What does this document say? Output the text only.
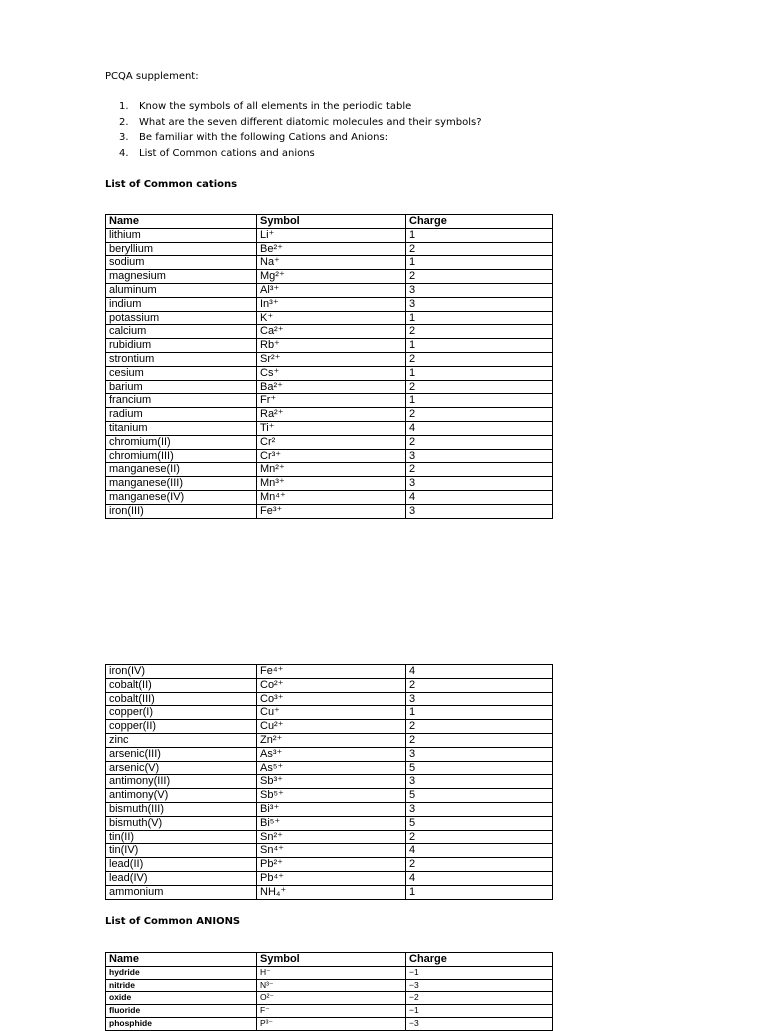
PCQA supplement:
1. Know the symbols of all elements in the periodic table
2. What are the seven different diatomic molecules and their symbols?
3. Be familiar with the following Cations and Anions:
4. List of Common cations and anions
List of Common cations
Name	Symbol	Charge
lithium	Li⁺	1
beryllium	Be²⁺	2
sodium	Na⁺	1
magnesium	Mg²⁺	2
aluminum	Al³⁺	3
indium	In³⁺	3
potassium	K⁺	1
calcium	Ca²⁺	2
rubidium	Rb⁺	1
strontium	Sr²⁺	2
cesium	Cs⁺	1
barium	Ba²⁺	2
francium	Fr⁺	1
radium	Ra²⁺	2
titanium	Ti⁺	4
chromium(II)	Cr²	2
chromium(III)	Cr³⁺	3
manganese(II)	Mn²⁺	2
manganese(III)	Mn³⁺	3
manganese(IV)	Mn⁴⁺	4
iron(III)	Fe³⁺	3
iron(IV)	Fe⁴⁺	4
cobalt(II)	Co²⁺	2
cobalt(III)	Co³⁺	3
copper(I)	Cu⁺	1
copper(II)	Cu²⁺	2
zinc	Zn²⁺	2
arsenic(III)	As³⁺	3
arsenic(V)	As⁵⁺	5
antimony(III)	Sb³⁺	3
antimony(V)	Sb⁵⁺	5
bismuth(III)	Bi³⁺	3
bismuth(V)	Bi⁵⁺	5
tin(II)	Sn²⁺	2
tin(IV)	Sn⁴⁺	4
lead(II)	Pb²⁺	2
lead(IV)	Pb⁴⁺	4
ammonium	NH₄⁺	1
List of Common ANIONS
Name	Symbol	Charge
hydride	H⁻	−1
nitride	N³⁻	−3
oxide	O²⁻	−2
fluoride	F⁻	−1
phosphide	P³⁻	−3
